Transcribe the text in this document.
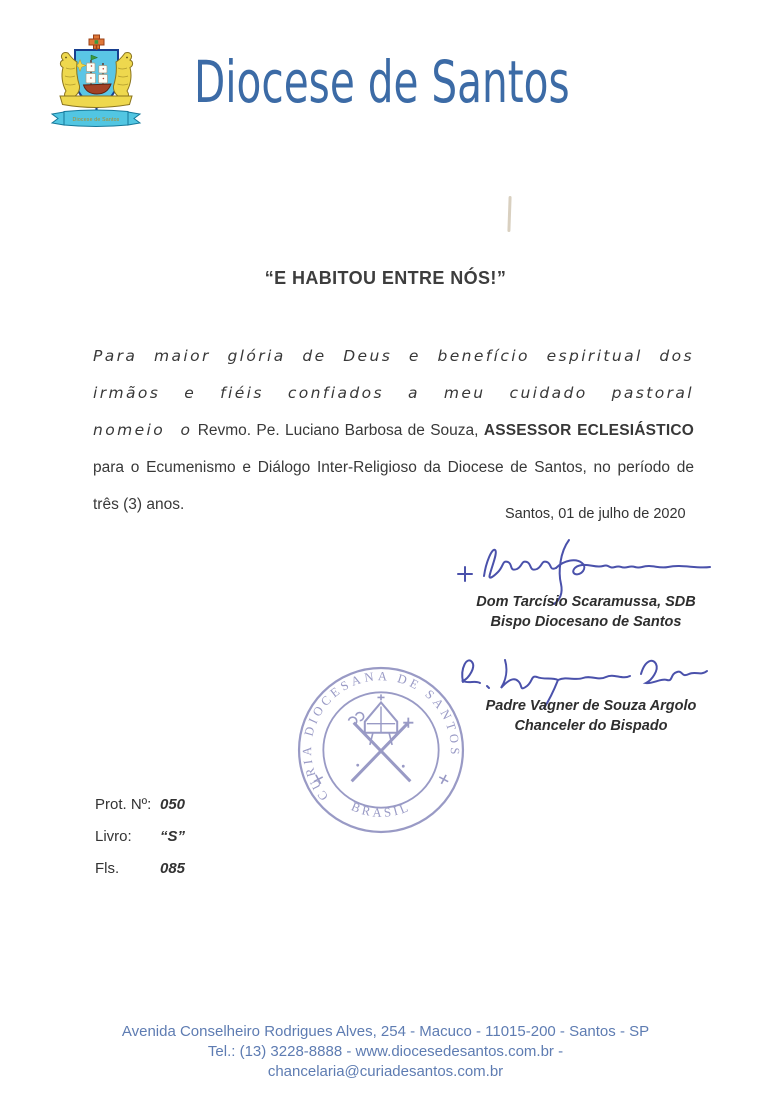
Diocese de Santos
Diocese de Santos
“E HABITOU ENTRE NÓS!”

Para maior glória de Deus e benefício espiritual dos irmãos e fiéis confiados a meu cuidado pastoral nomeio o Revmo. Pe. Luciano Barbosa de Souza, ASSESSOR ECLESIÁSTICO para o Ecumenismo e Diálogo Inter-Religioso da Diocese de Santos, no período de três (3) anos.

Santos, 01 de julho de 2020
Dom Tarcísio Scaramussa, SDB
Bispo Diocesano de Santos
Padre Vagner de Souza Argolo
Chanceler do Bispado
CURIA DIOCESANA DE SANTOS
BRASIL
Prot. Nº: 050
Livro:	“S”
Fls.	085
Avenida Conselheiro Rodrigues Alves, 254 - Macuco - 11015-200 - Santos - SP
Tel.: (13) 3228-8888 - www.diocesedesantos.com.br -
chancelaria@curiadesantos.com.br
